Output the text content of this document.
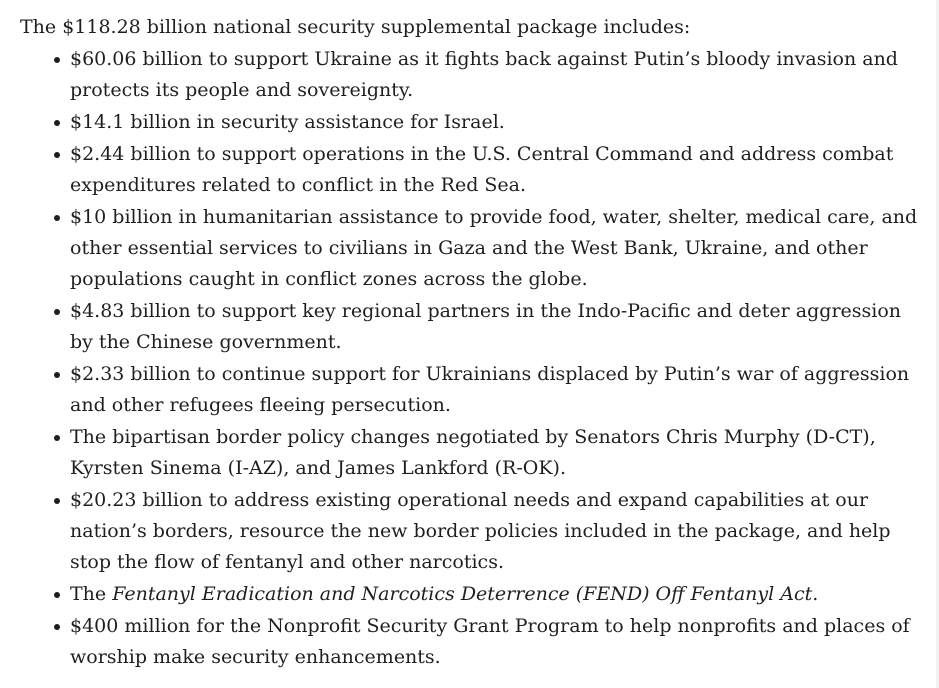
The $118.28 billion national security supplemental package includes:

$60.06 billion to support Ukraine as it fights back against Putin’s bloody invasion and protects its people and sovereignty.
$14.1 billion in security assistance for Israel.
$2.44 billion to support operations in the U.S. Central Command and address combat expenditures related to conflict in the Red Sea.
$10 billion in humanitarian assistance to provide food, water, shelter, medical care, and other essential services to civilians in Gaza and the West Bank, Ukraine, and other populations caught in conflict zones across the globe.
$4.83 billion to support key regional partners in the Indo-Pacific and deter aggression by the Chinese government.
$2.33 billion to continue support for Ukrainians displaced by Putin’s war of aggression and other refugees fleeing persecution.
The bipartisan border policy changes negotiated by Senators Chris Murphy (D-CT), Kyrsten Sinema (I-AZ), and James Lankford (R-OK).
$20.23 billion to address existing operational needs and expand capabilities at our nation’s borders, resource the new border policies included in the package, and help stop the flow of fentanyl and other narcotics.
The Fentanyl Eradication and Narcotics Deterrence (FEND) Off Fentanyl Act.
$400 million for the Nonprofit Security Grant Program to help nonprofits and places of worship make security enhancements.
